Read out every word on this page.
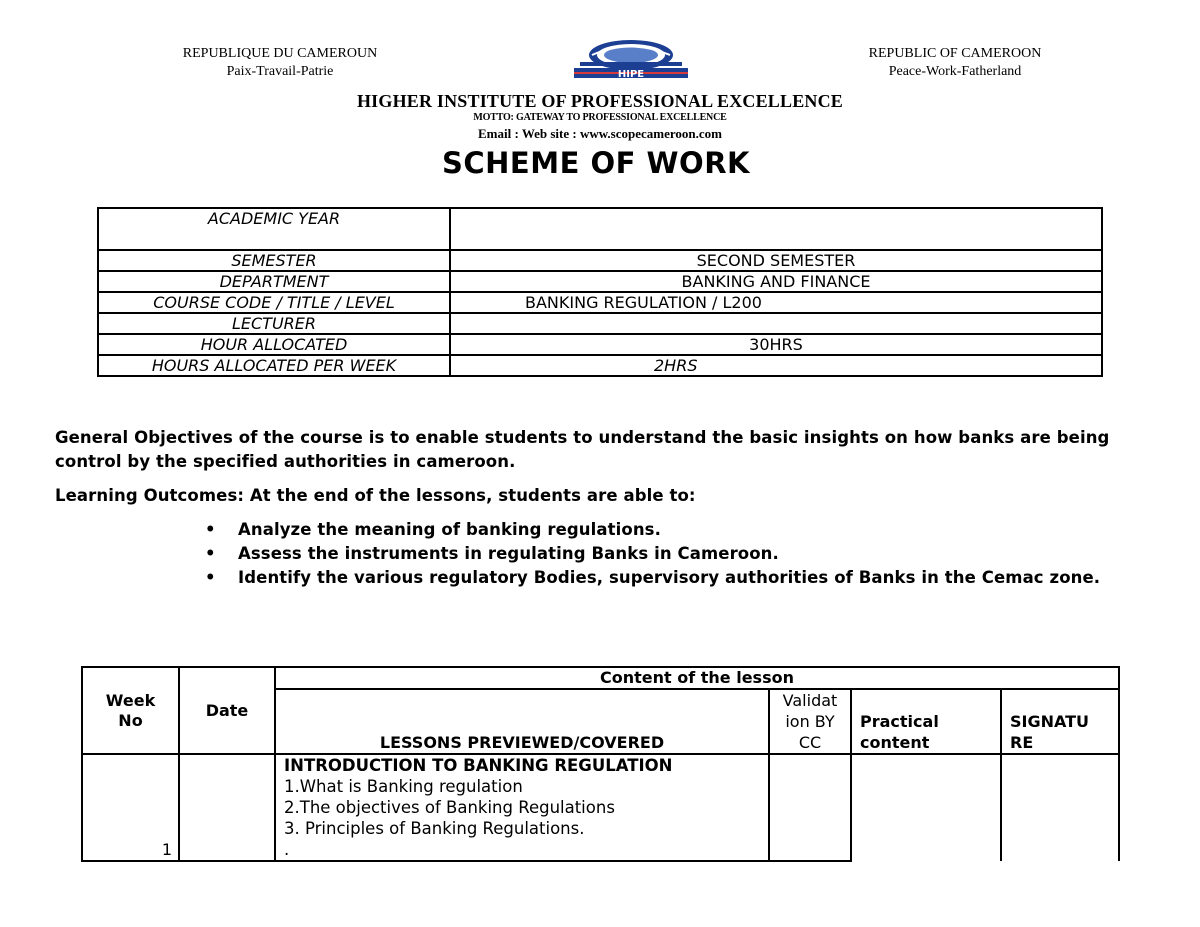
REPUBLIQUE DU CAMEROUN
Paix-Travail-Patrie	HIPE
REPUBLIC OF CAMEROON
Peace-Work-Fatherland
HIGHER INSTITUTE OF PROFESSIONAL EXCELLENCE
MOTTO: GATEWAY TO PROFESSIONAL EXCELLENCE
Email : Web site : www.scopecameroon.com
SCHEME OF WORK
ACADEMIC YEAR	
SEMESTER	SECOND SEMESTER
DEPARTMENT	BANKING AND FINANCE
COURSE CODE / TITLE / LEVEL	BANKING REGULATION / L200
LECTURER	
HOUR ALLOCATED	30HRS
HOURS ALLOCATED PER WEEK	2HRS
General Objectives of the course is to enable students to understand the basic insights on how banks are being control by the specified authorities in cameroon.
Learning Outcomes: At the end of the lessons, students are able to:
• Analyze the meaning of banking regulations.
• Assess the instruments in regulating Banks in Cameroon.
• Identify the various regulatory Bodies, supervisory authorities of Banks in the Cemac zone.
Week No	Date	Content of the lesson			
		LESSONS PREVIEWED/COVERED	Validat ion BY CC	Practical content	SIGNATU RE

1		INTRODUCTION TO BANKING REGULATION
1.What is Banking regulation
2.The objectives of Banking Regulations
3. Principles of Banking Regulations.
.			
